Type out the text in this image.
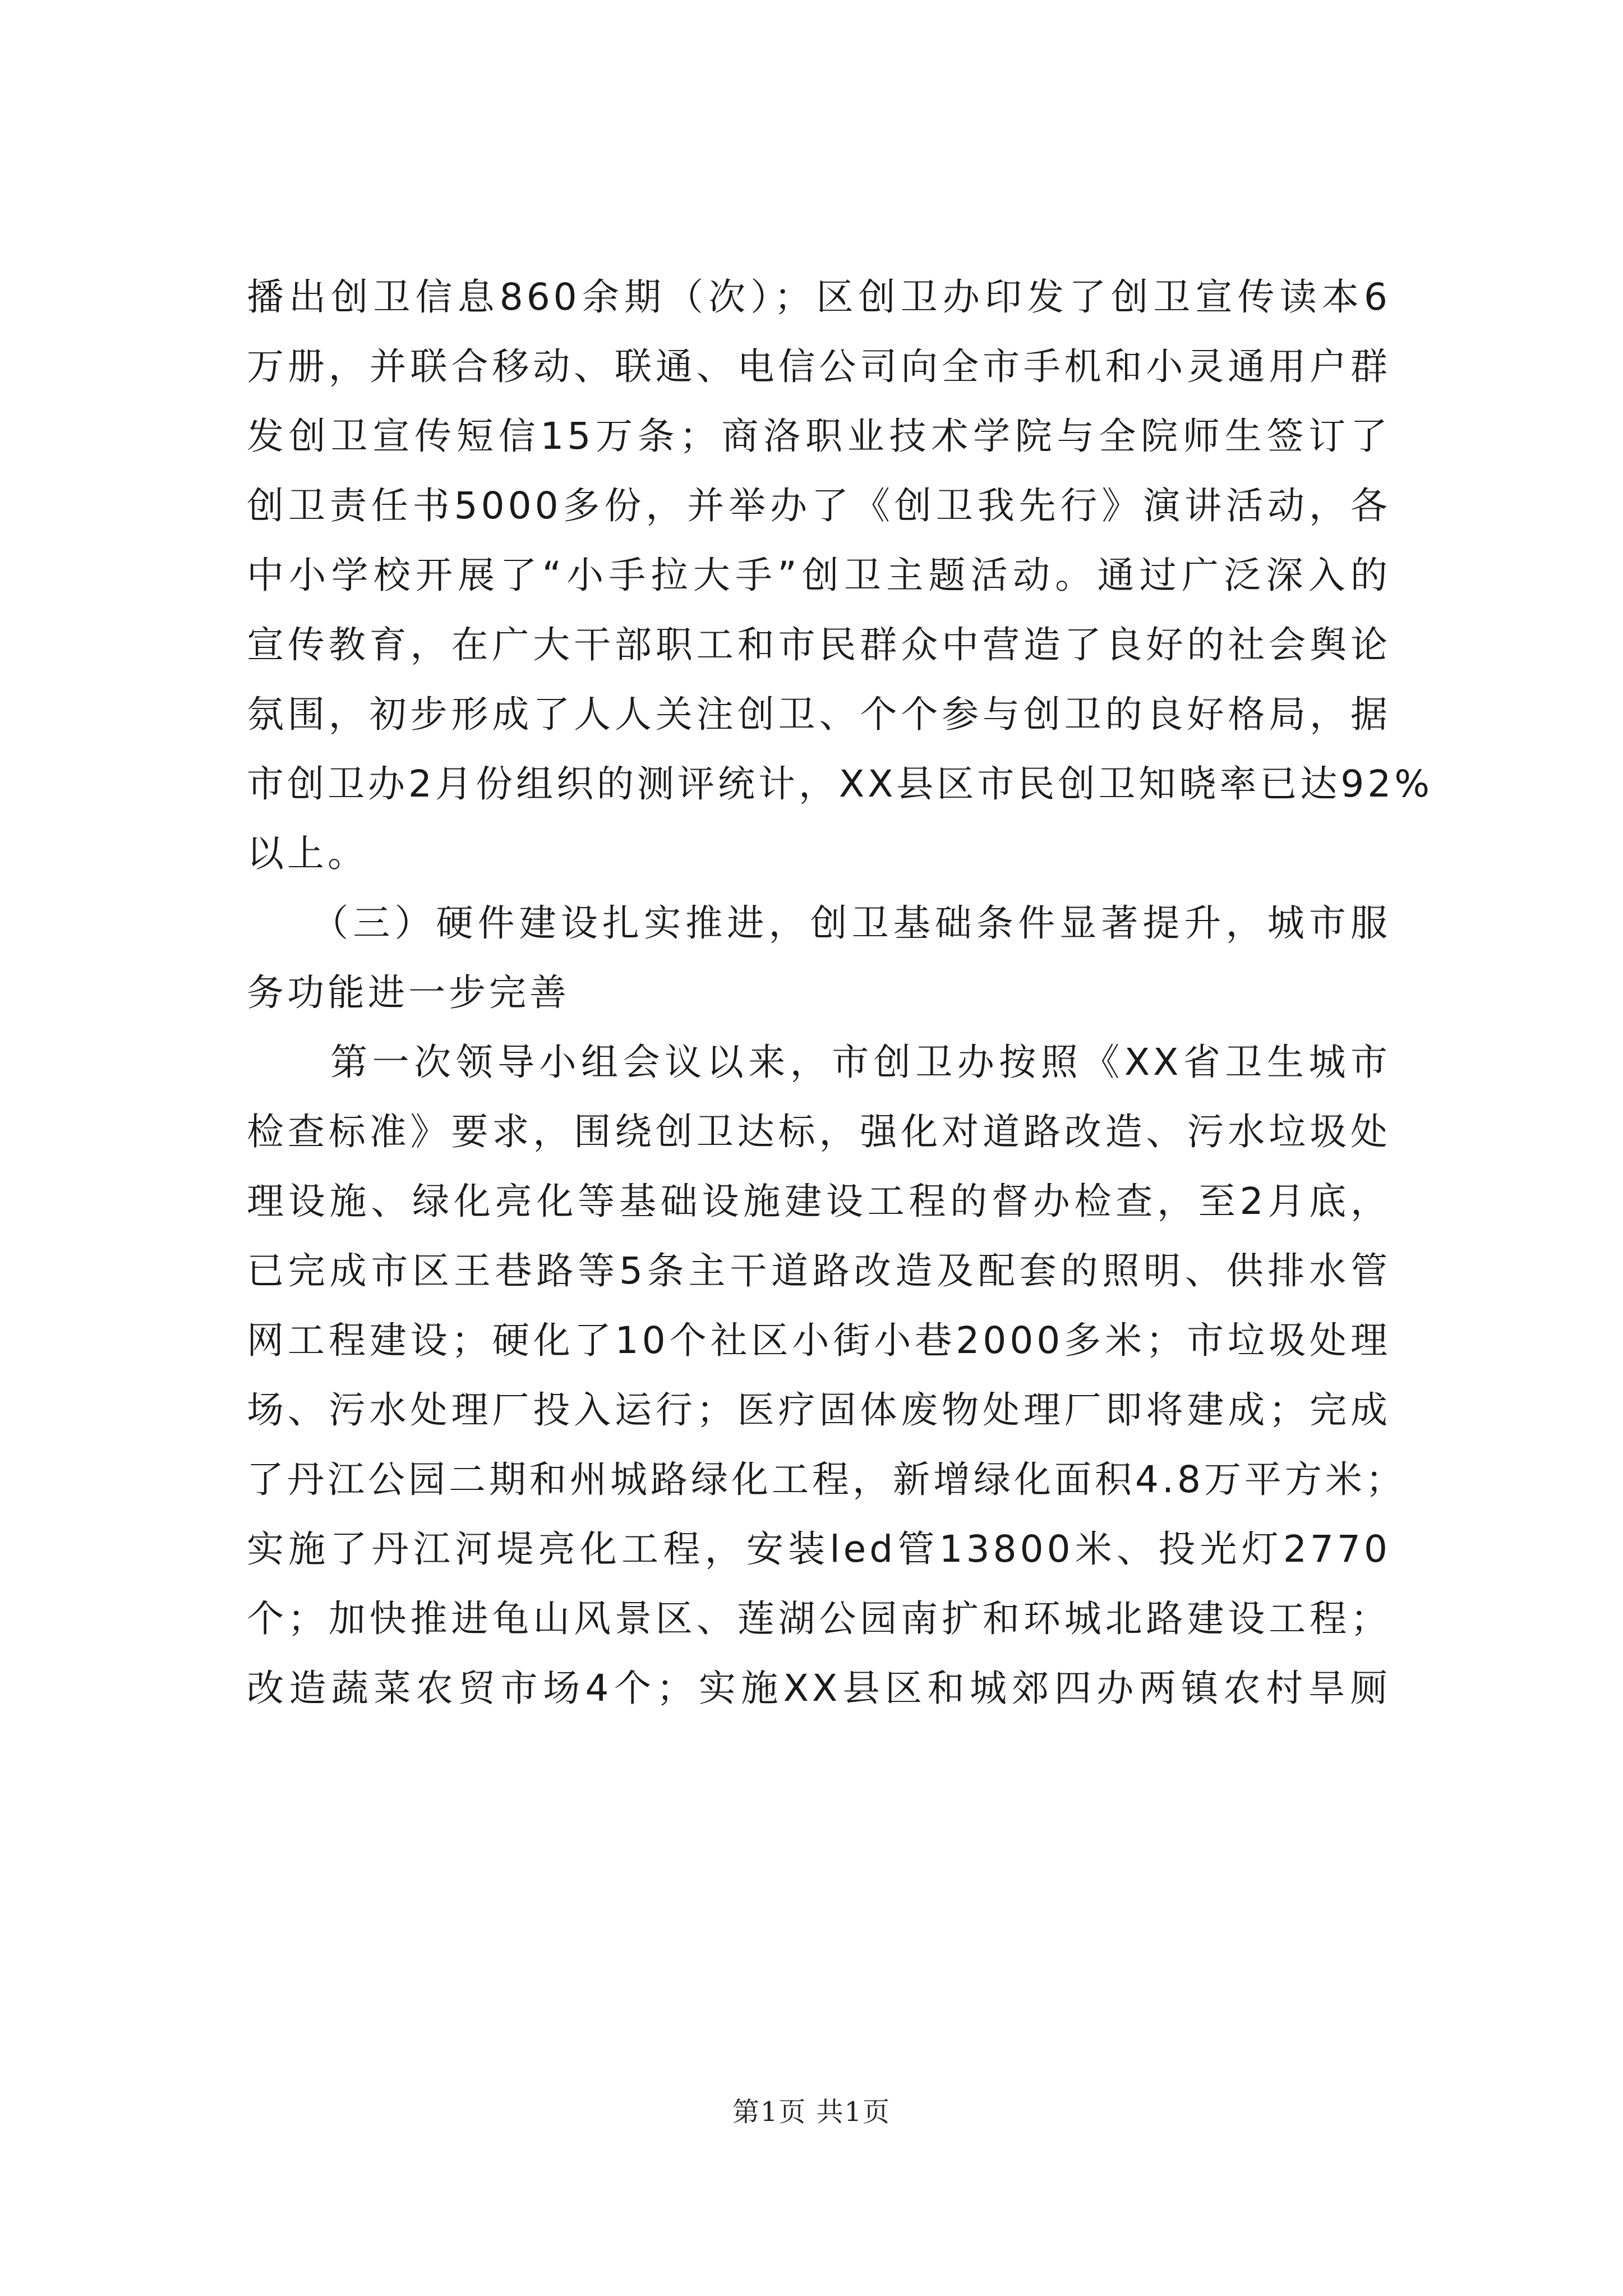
播出创卫信息860余期（次）；区创卫办印发了创卫宣传读本6
万册，并联合移动、联通、电信公司向全市手机和小灵通用户群
发创卫宣传短信15万条；商洛职业技术学院与全院师生签订了
创卫责任书5000多份，并举办了《创卫我先行》演讲活动，各
中小学校开展了“小手拉大手”创卫主题活动。通过广泛深入的
宣传教育，在广大干部职工和市民群众中营造了良好的社会舆论
氛围，初步形成了人人关注创卫、个个参与创卫的良好格局，据
市创卫办2月份组织的测评统计，XX县区市民创卫知晓率已达92%
以上。
　　（三）硬件建设扎实推进，创卫基础条件显著提升，城市服
务功能进一步完善
　　第一次领导小组会议以来，市创卫办按照《XX省卫生城市
检查标准》要求，围绕创卫达标，强化对道路改造、污水垃圾处
理设施、绿化亮化等基础设施建设工程的督办检查，至2月底，
已完成市区王巷路等5条主干道路改造及配套的照明、供排水管
网工程建设；硬化了10个社区小街小巷2000多米；市垃圾处理
场、污水处理厂投入运行；医疗固体废物处理厂即将建成；完成
了丹江公园二期和州城路绿化工程，新增绿化面积4.8万平方米；
实施了丹江河堤亮化工程，安装led管13800米、投光灯2770
个；加快推进龟山风景区、莲湖公园南扩和环城北路建设工程；
改造蔬菜农贸市场4个；实施XX县区和城郊四办两镇农村旱厕
第1页 共1页
